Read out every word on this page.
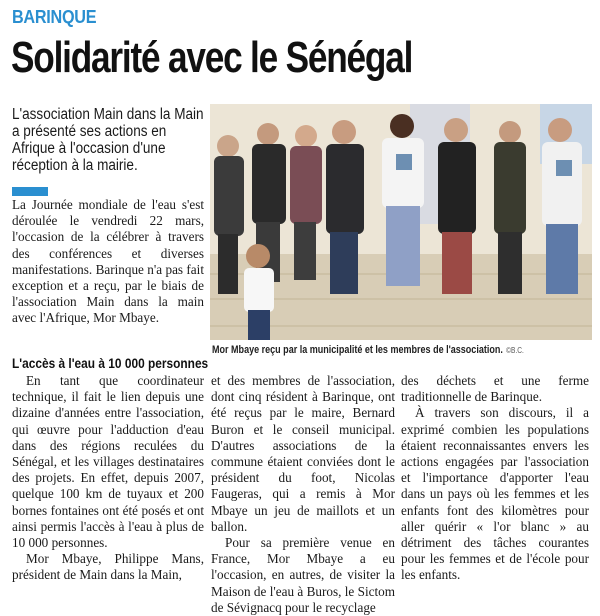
BARINQUE
Solidarité avec le Sénégal
L'association Main dans la Main a présenté ses actions en Afrique à l'occasion d'une réception à la mairie.

La Journée mondiale de l'eau s'est déroulée le vendredi 22 mars, l'occasion de la célébrer à travers des conférences et diverses manifestations. Barinque n'a pas fait exception et a reçu, par le biais de l'association Main dans la main avec l'Afrique, Mor Mbaye.

Mor Mbaye reçu par la municipalité et les membres de l'association. ©B.C.
L'accès à l'eau à 10 000 personnes

En tant que coordinateur technique, il fait le lien depuis une dizaine d'années entre l'association, qui œuvre pour l'adduction d'eau dans des régions reculées du Sénégal, et les villages destinataires des projets. En effet, depuis 2007, quelque 100 km de tuyaux et 200 bornes fontaines ont été posés et ont ainsi permis l'accès à l'eau à plus de 10 000 personnes.

Mor Mbaye, Philippe Mans, président de Main dans la Main,

et des membres de l'association, dont cinq résident à Barinque, ont été reçus par le maire, Bernard Buron et le conseil municipal. D'autres associations de la commune étaient conviées dont le président du foot, Nicolas Faugeras, qui a remis à Mor Mbaye un jeu de maillots et un ballon.

Pour sa première venue en France, Mor Mbaye a eu l'occasion, en autres, de visiter la Maison de l'eau à Buros, le Sictom de Sévignacq pour le recyclage

des déchets et une ferme traditionnelle de Barinque.

À travers son discours, il a exprimé combien les populations étaient reconnaissantes envers les actions engagées par l'association et l'importance d'apporter l'eau dans un pays où les femmes et les enfants font des kilomètres pour aller quérir « l'or blanc » au détriment des tâches courantes pour les femmes et de l'école pour les enfants.
